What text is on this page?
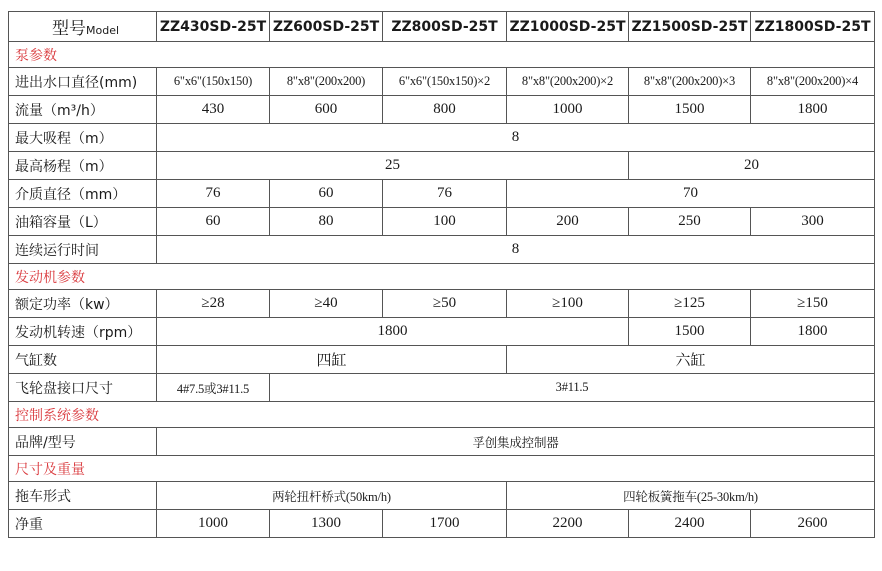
型号Model	ZZ430SD-25T	ZZ600SD-25T	ZZ800SD-25T	ZZ1000SD-25T	ZZ1500SD-25T	ZZ1800SD-25T
泵参数						
进出水口直径(mm)	6"x6"(150x150)	8"x8"(200x200)	6"x6"(150x150)×2	8"x8"(200x200)×2	8"x8"(200x200)×3	8"x8"(200x200)×4
流量（m³/h）	430	600	800	1000	1500	1800
最大吸程（m）	8					
最高杨程（m）	25				20	
介质直径（mm）	76	60	76	70		
油箱容量（L）	60	80	100	200	250	300
连续运行时间	8					
发动机参数						
额定功率（kw）	≥28	≥40	≥50	≥100	≥125	≥150
发动机转速（rpm）	1800				1500	1800
气缸数	四缸			六缸		
飞轮盘接口尺寸	4#7.5或3#11.5	3#11.5				
控制系统参数						
品牌/型号	孚创集成控制器					
尺寸及重量						
拖车形式	两轮扭杆桥式(50km/h)			四轮板簧拖车(25-30km/h)		
净重	1000	1300	1700	2200	2400	2600
